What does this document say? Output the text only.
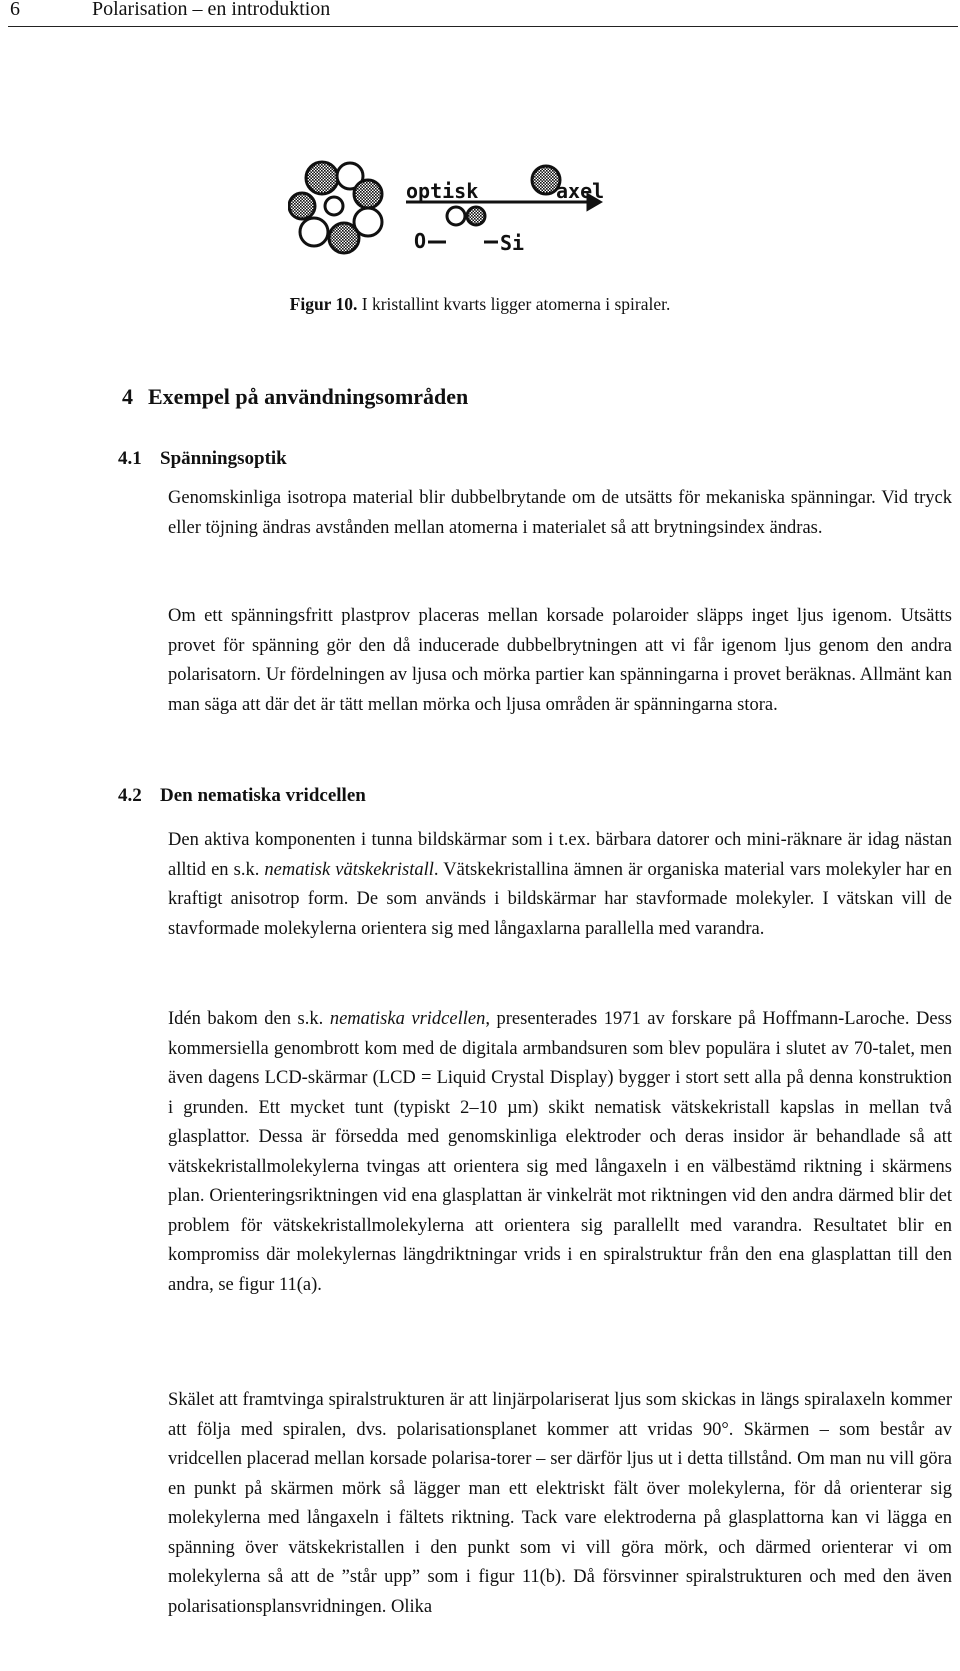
6	Polarisation – en introduktion
optisk	axel
O	Si
Figur 10. I kristallint kvarts ligger atomerna i spiraler.
4 Exempel på användningsområden
4.1 Spänningsoptik

Genomskinliga isotropa material blir dubbelbrytande om de utsätts för mekaniska spänningar. Vid tryck eller töjning ändras avstånden mellan atomerna i materialet så att brytningsindex ändras.

Om ett spänningsfritt plastprov placeras mellan korsade polaroider släpps inget ljus igenom. Utsätts provet för spänning gör den då inducerade dubbelbrytningen att vi får igenom ljus genom den andra polarisatorn. Ur fördelningen av ljusa och mörka partier kan spänningarna i provet beräknas. Allmänt kan man säga att där det är tätt mellan mörka och ljusa områden är spänningarna stora.

4.2 Den nematiska vridcellen

Den aktiva komponenten i tunna bildskärmar som i t.ex. bärbara datorer och mini-räknare är idag nästan alltid en s.k. nematisk vätskekristall. Vätskekristallina ämnen är organiska material vars molekyler har en kraftigt anisotrop form. De som används i bildskärmar har stavformade molekyler. I vätskan vill de stavformade molekylerna orientera sig med långaxlarna parallella med varandra.

Idén bakom den s.k. nematiska vridcellen, presenterades 1971 av forskare på Hoffmann-Laroche. Dess kommersiella genombrott kom med de digitala armbandsuren som blev populära i slutet av 70-talet, men även dagens LCD-skärmar (LCD = Liquid Crystal Display) bygger i stort sett alla på denna konstruktion i grunden. Ett mycket tunt (typiskt 2–10 µm) skikt nematisk vätskekristall kapslas in mellan två glasplattor. Dessa är försedda med genomskinliga elektroder och deras insidor är behandlade så att vätskekristallmolekylerna tvingas att orientera sig med långaxeln i en välbestämd riktning i skärmens plan. Orienteringsriktningen vid ena glasplattan är vinkelrät mot riktningen vid den andra därmed blir det problem för vätskekristallmolekylerna att orientera sig parallellt med varandra. Resultatet blir en kompromiss där molekylernas längdriktningar vrids i en spiralstruktur från den ena glasplattan till den andra, se figur 11(a).

Skälet att framtvinga spiralstrukturen är att linjärpolariserat ljus som skickas in längs spiralaxeln kommer att följa med spiralen, dvs. polarisationsplanet kommer att vridas 90°. Skärmen – som består av vridcellen placerad mellan korsade polarisa-torer – ser därför ljus ut i detta tillstånd. Om man nu vill göra en punkt på skärmen mörk så lägger man ett elektriskt fält över molekylerna, för då orienterar sig molekylerna med långaxeln i fältets riktning. Tack vare elektroderna på glasplattorna kan vi lägga en spänning över vätskekristallen i den punkt som vi vill göra mörk, och därmed orienterar vi om molekylerna så att de ”står upp” som i figur 11(b). Då försvinner spiralstrukturen och med den även polarisationsplansvridningen. Olika
